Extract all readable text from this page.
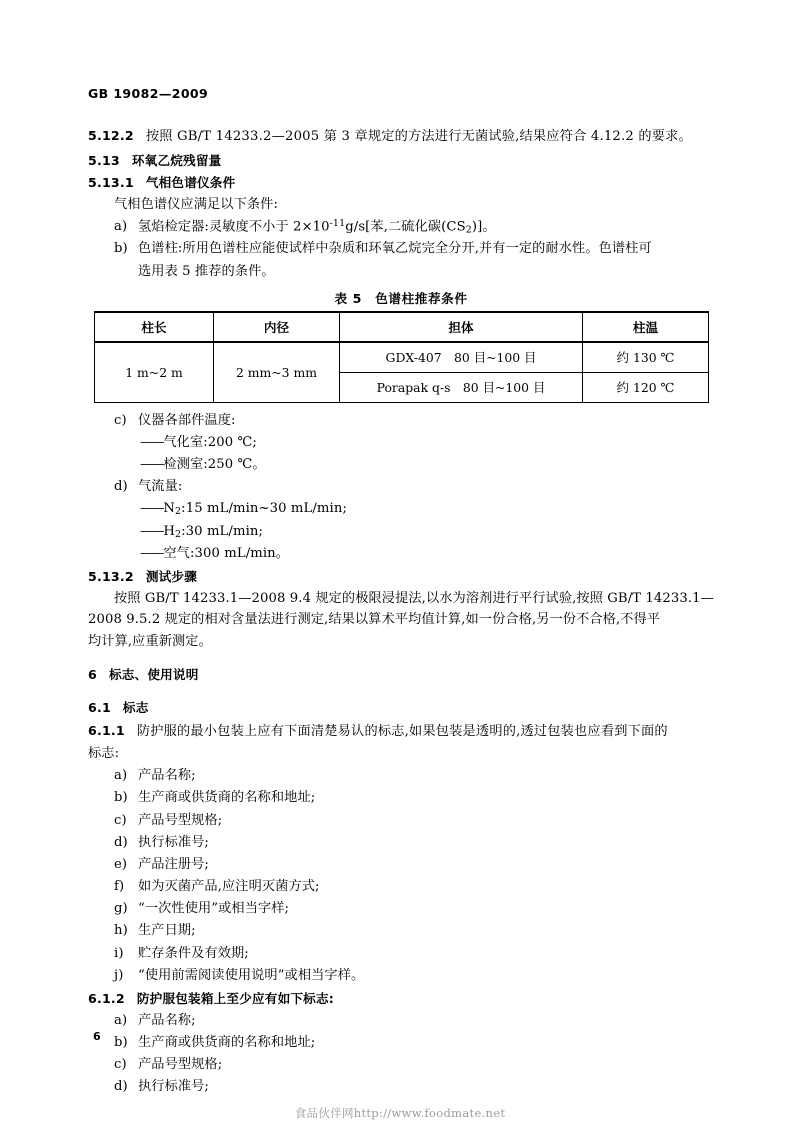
GB 19082—2009
5.12.2 按照 GB/T 14233.2—2005 第 3 章规定的方法进行无菌试验,结果应符合 4.12.2 的要求。
5.13 环氧乙烷残留量
5.13.1 气相色谱仪条件
气相色谱仪应满足以下条件:
a) 氢焰检定器:灵敏度不小于 $2\times 10^{-11}g/s$[苯,二硫化碳$(CS_2)$]。
b) 色谱柱:所用色谱柱应能使试样中杂质和环氧乙烷完全分开,并有一定的耐水性。色谱柱可
选用表 5 推荐的条件。
表 5　色谱柱推荐条件
柱长	内径	担体	柱温
1 m~2 m	2 mm~3 mm	GDX-407　80 目~100 目	约 130 ℃
		Porapak q-s　80 目~100 目	约 120 ℃
c) 仪器各部件温度:
——气化室:200 ℃;
——检测室:250 ℃。
d) 气流量:
$——N_2:15$ mL/min~30 mL/min;
$——H_2:30$ mL/min;
——空气:300 mL/min。
5.13.2 测试步骤
按照 GB/T 14233.1—2008 9.4 规定的极限浸提法,以水为溶剂进行平行试验,按照 GB/T 14233.1—
2008 9.5.2 规定的相对含量法进行测定,结果以算术平均值计算,如一份合格,另一份不合格,不得平
均计算,应重新测定。
6 标志、使用说明
6.1 标志
6.1.1 防护服的最小包装上应有下面清楚易认的标志,如果包装是透明的,透过包装也应看到下面的
标志:
a) 产品名称;
b) 生产商或供货商的名称和地址;
c) 产品号型规格;
d) 执行标准号;
e) 产品注册号;
f)	如为灭菌产品,应注明灭菌方式;
g) “一次性使用”或相当字样;
h) 生产日期;
i)	贮存条件及有效期;
j)	“使用前需阅读使用说明”或相当字样。
6.1.2 防护服包装箱上至少应有如下标志:
a) 产品名称;
b) 生产商或供货商的名称和地址;
c) 产品号型规格;
d) 执行标准号;
6
食品伙伴网http://www.foodmate.net
